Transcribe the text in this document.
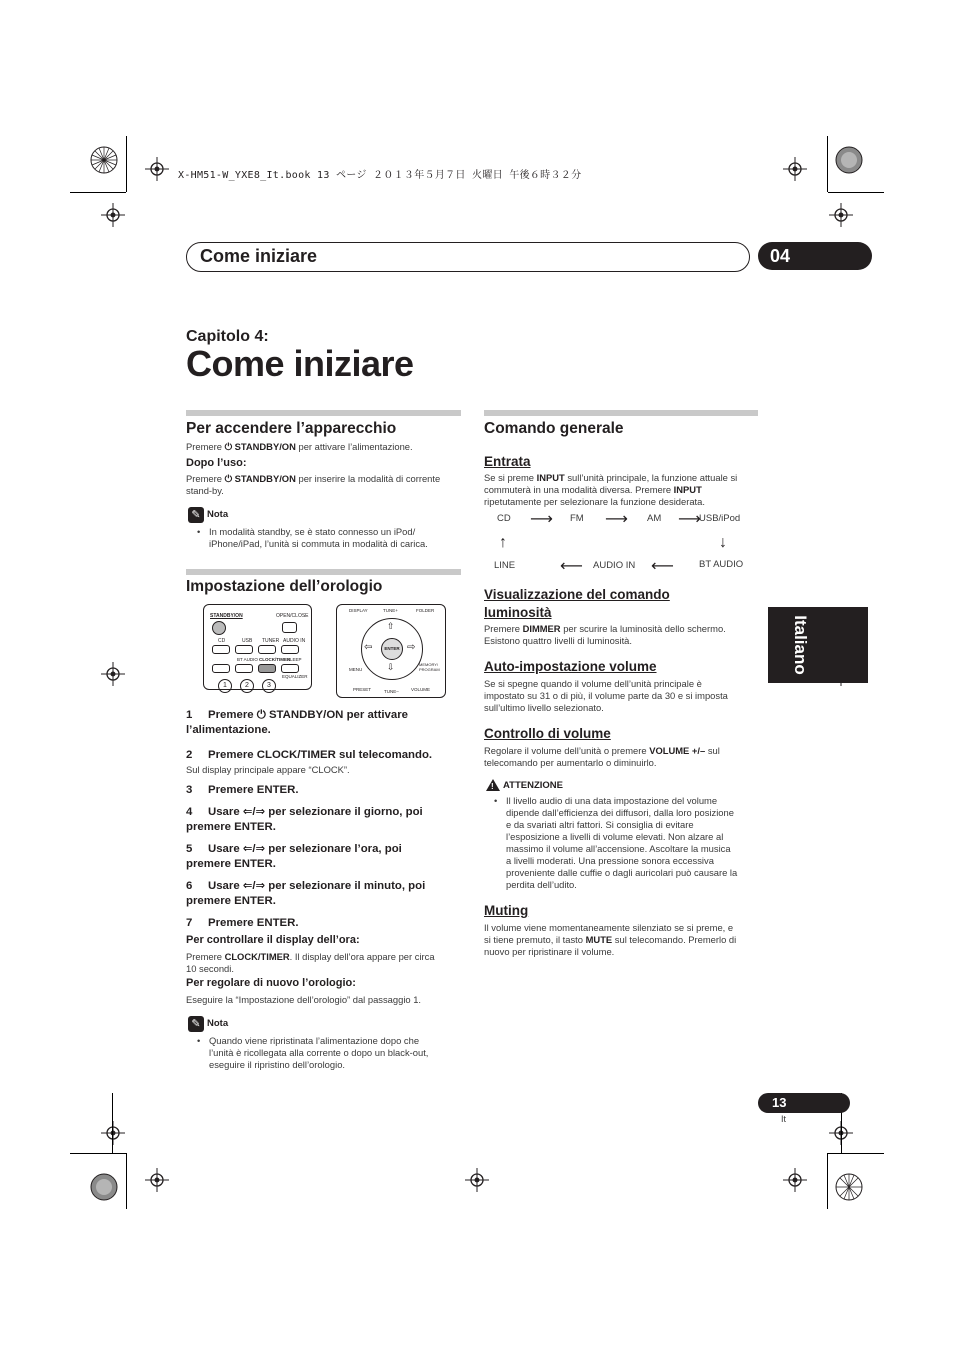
X-HM51-W_YXE8_It.book 13 ページ ２０１３年５月７日 火曜日 午後６時３２分
Come iniziare	04
Capitolo 4:
Come iniziare
Italiano
Per accendere l’apparecchio
Premere ⏻ STANDBY/ON per attivare l’alimentazione.
Dopo l’uso:
Premere ⏻ STANDBY/ON per inserire la modalità di corrente
stand-by.
✎ Nota
• In modalità standby, se è stato connesso un iPod/
iPhone/iPad, l’unità si commuta in modalità di carica.
Impostazione dell’orologio
STANDBY/ON	OPEN/CLOSE
CD	USB TUNER AUDIO IN
BT AUDIO CLOCK/TIMER
SLEEP
EQUALIZER
1	2	3
DISPLAY	TUNE+	FOLDER
ENTER
⇧
⇩
⇦	⇨
MENU
MEMORY/
PROGRAM
PRESET	TUNE–	VOLUME
1 Premere ⏻ STANDBY/ON per attivare
l’alimentazione.
2 Premere CLOCK/TIMER sul telecomando.
Sul display principale appare “CLOCK”.
3 Premere ENTER.
4 Usare ⇐/⇒ per selezionare il giorno, poi
premere ENTER.
5 Usare ⇐/⇒ per selezionare l’ora, poi
premere ENTER.
6 Usare ⇐/⇒ per selezionare il minuto, poi
premere ENTER.
7 Premere ENTER.
Per controllare il display dell’ora:
Premere CLOCK/TIMER. Il display dell’ora appare per circa
10 secondi.
Per regolare di nuovo l’orologio:
Eseguire la “Impostazione dell’orologio” dal passaggio 1.
✎ Nota
• Quando viene ripristinata l’alimentazione dopo che
l’unità è ricollegata alla corrente o dopo un black-out,
eseguire il ripristino dell’orologio.
Comando generale
Entrata
Se si preme INPUT sull’unità principale, la funzione attuale si
commuterà in una modalità diversa. Premere INPUT
ripetutamente per selezionare la funzione desiderata.
CD ⟶ FM ⟶ AM ⟶
USB/iPod
↑	↓
LINE	⟵ AUDIO IN ⟵	BT AUDIO
Visualizzazione del comando
luminosità
Premere DIMMER per scurire la luminosità dello schermo.
Esistono quattro livelli di luminosità.
Auto-impostazione volume
Se si spegne quando il volume dell’unità principale è
impostato su 31 o di più, il volume parte da 30 e si imposta
sull’ultimo livello selezionato.
Controllo di volume
Regolare il volume dell’unità o premere VOLUME +/– sul
telecomando per aumentarlo o diminuirlo.
! ATTENZIONE
• Il livello audio di una data impostazione del volume
dipende dall’efficienza dei diffusori, dalla loro posizione
e da svariati altri fattori. Si consiglia di evitare
l’esposizione a livelli di volume elevati. Non alzare al
massimo il volume all’accensione. Ascoltare la musica
a livelli moderati. Una pressione sonora eccessiva
proveniente dalle cuffie o dagli auricolari può causare la
perdita dell’udito.
Muting
Il volume viene momentaneamente silenziato se si preme, e
si tiene premuto, il tasto MUTE sul telecomando. Premerlo di
nuovo per ripristinare il volume.
13
It
